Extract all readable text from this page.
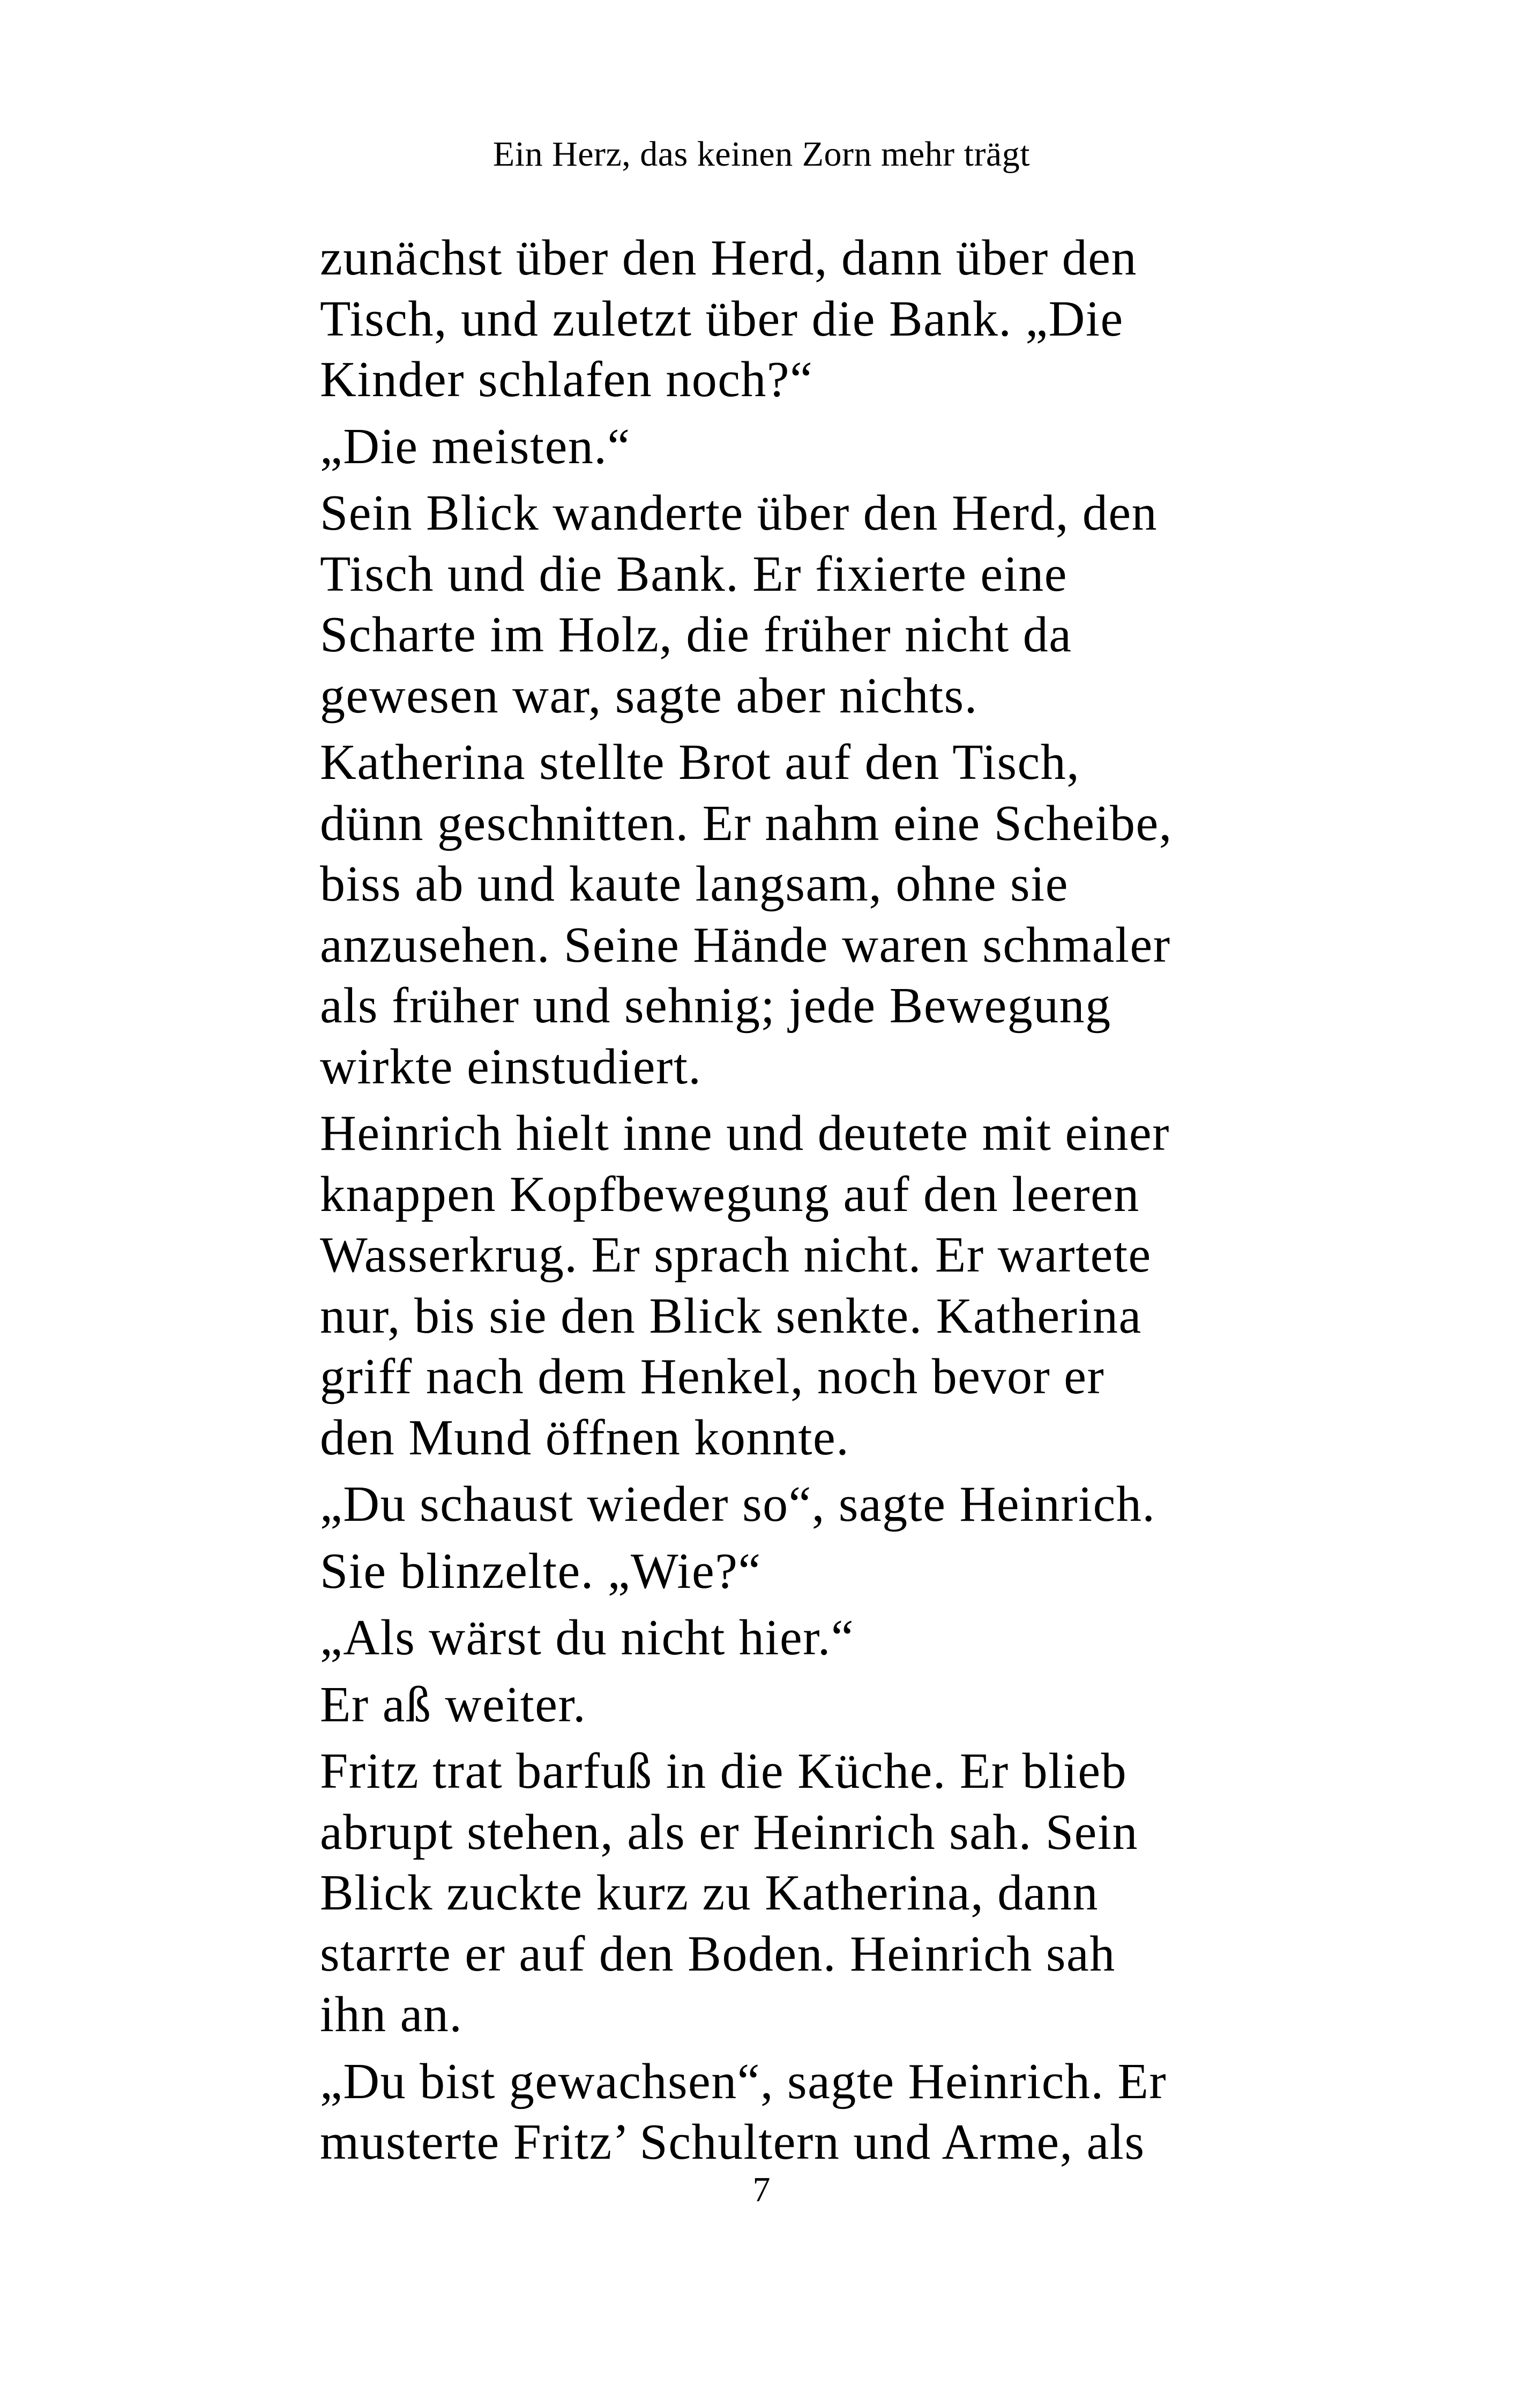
Ein Herz, das keinen Zorn mehr trägt

zunächst über den Herd, dann über den
Tisch, und zuletzt über die Bank. „Die
Kinder schlafen noch?“

„Die meisten.“

Sein Blick wanderte über den Herd, den
Tisch und die Bank. Er fixierte eine
Scharte im Holz, die früher nicht da
gewesen war, sagte aber nichts.

Katherina stellte Brot auf den Tisch,
dünn geschnitten. Er nahm eine Scheibe,
biss ab und kaute langsam, ohne sie
anzusehen. Seine Hände waren schmaler
als früher und sehnig; jede Bewegung
wirkte einstudiert.

Heinrich hielt inne und deutete mit einer
knappen Kopfbewegung auf den leeren
Wasserkrug. Er sprach nicht. Er wartete
nur, bis sie den Blick senkte. Katherina
griff nach dem Henkel, noch bevor er
den Mund öffnen konnte.

„Du schaust wieder so“, sagte Heinrich.

Sie blinzelte. „Wie?“

„Als wärst du nicht hier.“

Er aß weiter.

Fritz trat barfuß in die Küche. Er blieb
abrupt stehen, als er Heinrich sah. Sein
Blick zuckte kurz zu Katherina, dann
starrte er auf den Boden. Heinrich sah
ihn an.

„Du bist gewachsen“, sagte Heinrich. Er
musterte Fritz’ Schultern und Arme, als

7
